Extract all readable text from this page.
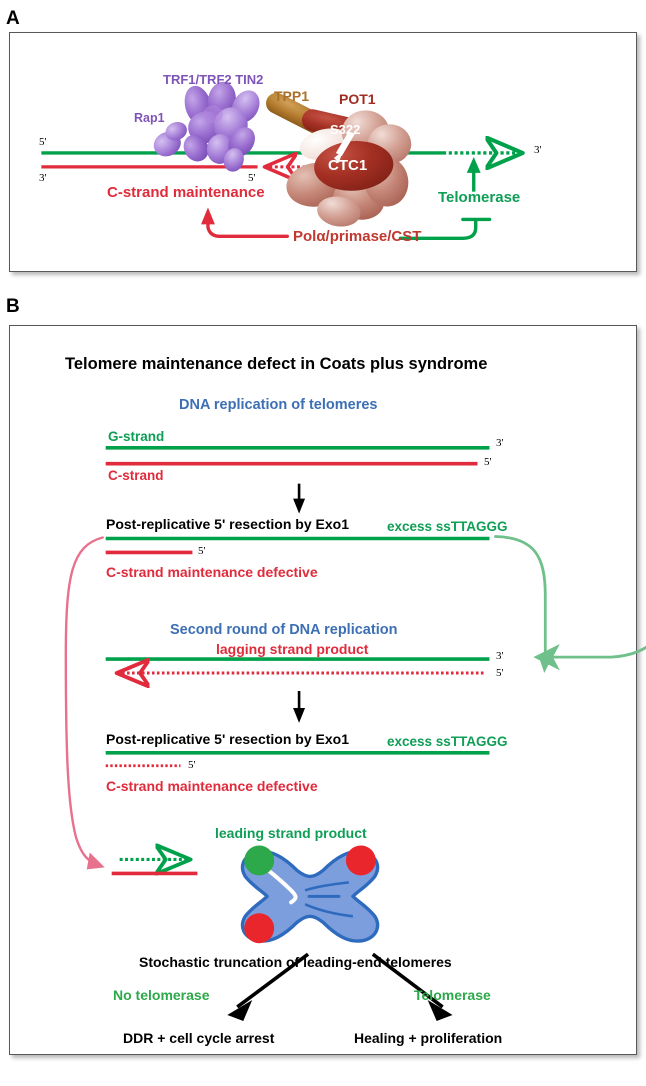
A
TRF1/TRF2 TIN2
Rap1
TPP1 POT1
S322
CTC1
5'
3'	5'
3'
C-strand maintenance
Polα/primase/CST
Telomerase
B
Telomere maintenance defect in Coats plus syndrome
DNA replication of telomeres
G-strand
C-strand
3'
5'
Post-replicative 5' resection by Exo1	excess ssTTAGGG
5'
C-strand maintenance defective
Second round of DNA replication
lagging strand product	3'
5'
Post-replicative 5' resection by Exo1	excess ssTTAGGG
5'
C-strand maintenance defective
leading strand product
Stochastic truncation of leading-end telomeres
No telomerase	Telomerase
DDR + cell cycle arrest	Healing + proliferation
